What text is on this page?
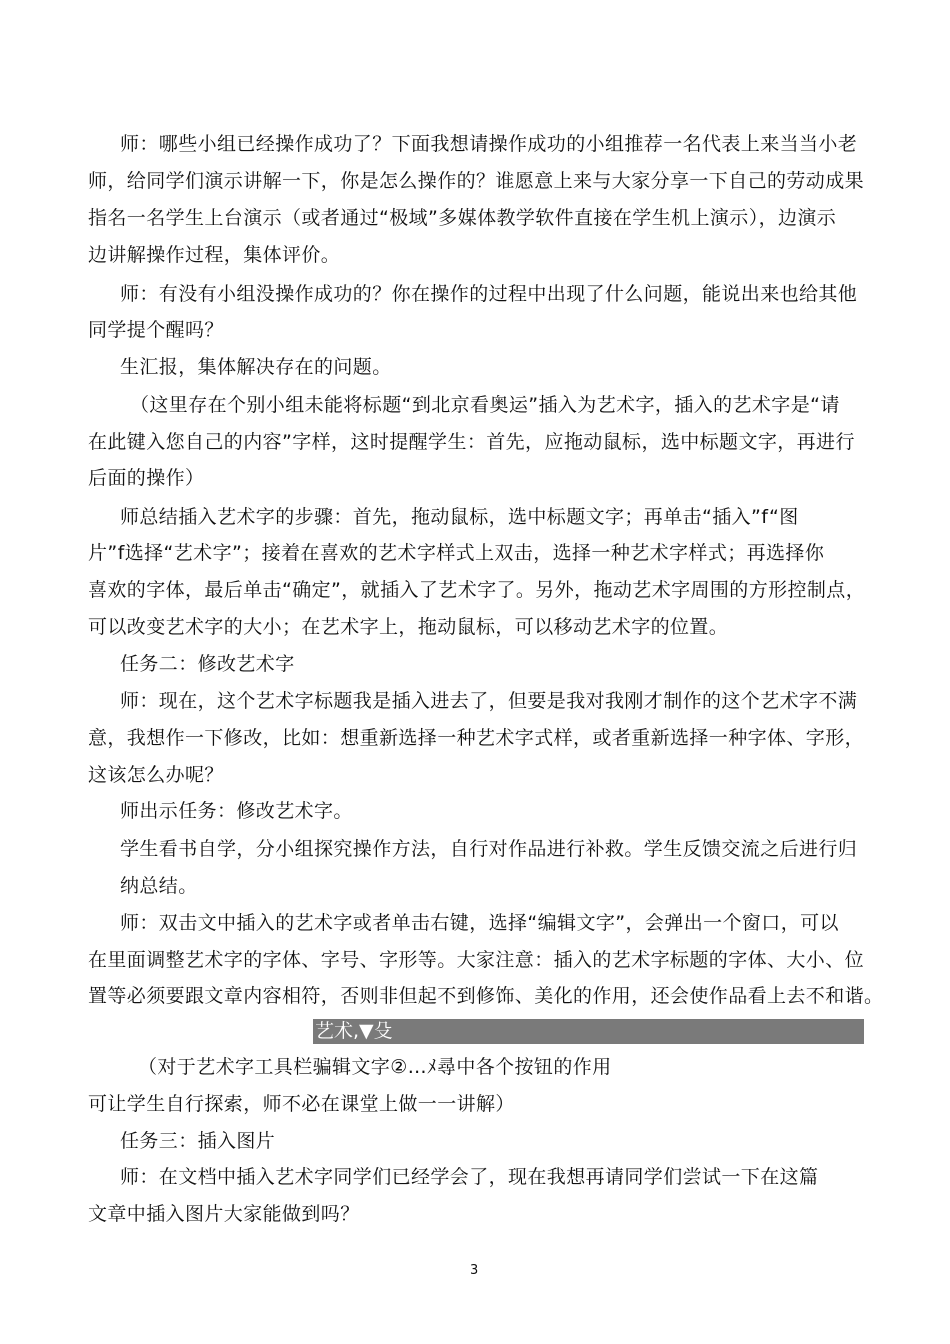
师：哪些小组已经操作成功了？下面我想请操作成功的小组推荐一名代表上来当当小老
师，给同学们演示讲解一下，你是怎么操作的？谁愿意上来与大家分享一下自己的劳动成果
指名一名学生上台演示（或者通过“极域”多媒体教学软件直接在学生机上演示），边演示
边讲解操作过程，集体评价。
师：有没有小组没操作成功的？你在操作的过程中出现了什么问题，能说出来也给其他
同学提个醒吗？
生汇报，集体解决存在的问题。
（这里存在个别小组未能将标题“到北京看奥运”插入为艺术字，插入的艺术字是“请
在此键入您自己的内容”字样，这时提醒学生：首先，应拖动鼠标，选中标题文字，再进行
后面的操作）
师总结插入艺术字的步骤：首先，拖动鼠标，选中标题文字；再单击“插入”f“图
片”f选择“艺术字”；接着在喜欢的艺术字样式上双击，选择一种艺术字样式；再选择你
喜欢的字体，最后单击“确定”，就插入了艺术字了。另外，拖动艺术字周围的方形控制点，
可以改变艺术字的大小；在艺术字上，拖动鼠标，可以移动艺术字的位置。
任务二：修改艺术字
师：现在，这个艺术字标题我是插入进去了，但要是我对我刚才制作的这个艺术字不满
意，我想作一下修改，比如：想重新选择一种艺术字式样，或者重新选择一种字体、字形，
这该怎么办呢？
师出示任务：修改艺术字。
学生看书自学，分小组探究操作方法，自行对作品进行补救。学生反馈交流之后进行归
纳总结。
师：双击文中插入的艺术字或者单击右键，选择“编辑文字”，会弹出一个窗口，可以
在里面调整艺术字的字体、字号、字形等。大家注意：插入的艺术字标题的字体、大小、位
置等必须要跟文章内容相符，否则非但起不到修饰、美化的作用，还会使作品看上去不和谐。
艺术,▼殳
（对于艺术字工具栏骗辑文字②…ﾒ尋中各个按钮的作用
可让学生自行探索，师不必在课堂上做一一讲解）
任务三：插入图片
师：在文档中插入艺术字同学们已经学会了，现在我想再请同学们尝试一下在这篇
文章中插入图片大家能做到吗？
3
